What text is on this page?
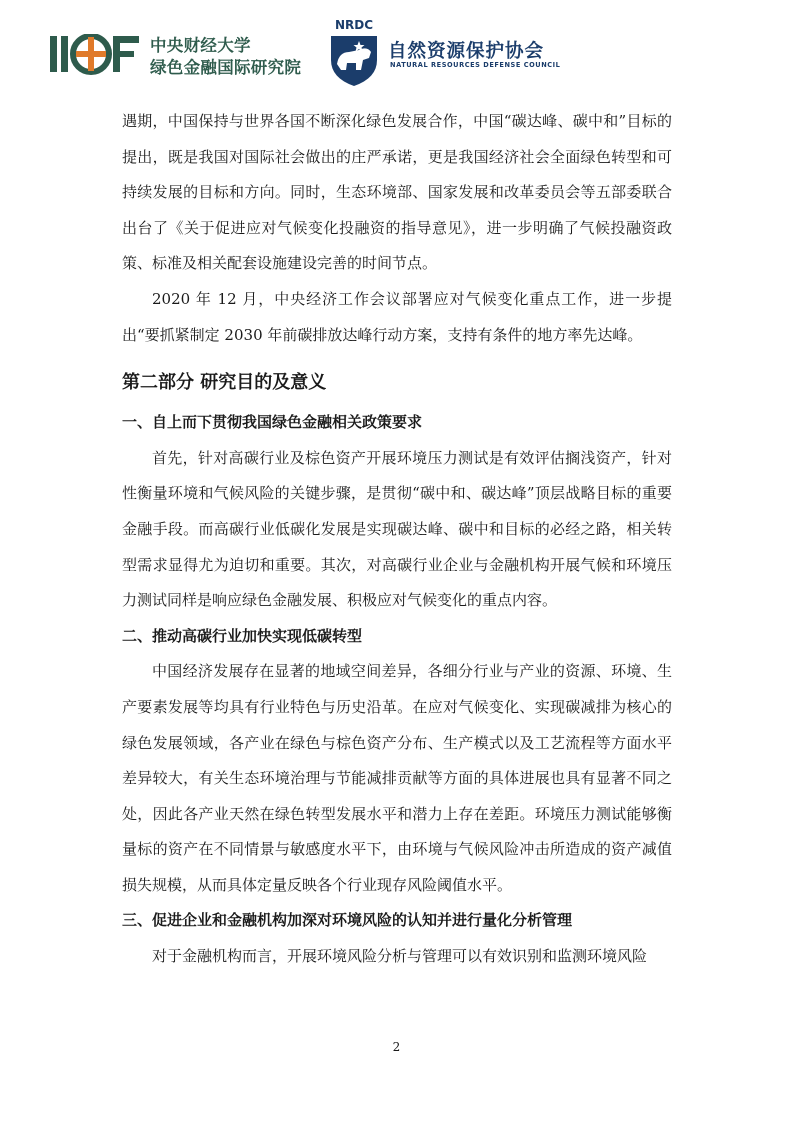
中央财经大学
绿色金融国际研究院
NRDC
自然资源保护协会
NATURAL RESOURCES DEFENSE COUNCIL

遇期，中国保持与世界各国不断深化绿色发展合作，中国“碳达峰、碳中和”目标的提出，既是我国对国际社会做出的庄严承诺，更是我国经济社会全面绿色转型和可持续发展的目标和方向。同时，生态环境部、国家发展和改革委员会等五部委联合出台了《关于促进应对气候变化投融资的指导意见》，进一步明确了气候投融资政策、标准及相关配套设施建设完善的时间节点。

2020 年 12 月，中央经济工作会议部署应对气候变化重点工作，进一步提出“要抓紧制定 2030 年前碳排放达峰行动方案，支持有条件的地方率先达峰。

第二部分 研究目的及意义
一、自上而下贯彻我国绿色金融相关政策要求

首先，针对高碳行业及棕色资产开展环境压力测试是有效评估搁浅资产，针对性衡量环境和气候风险的关键步骤，是贯彻“碳中和、碳达峰”顶层战略目标的重要金融手段。而高碳行业低碳化发展是实现碳达峰、碳中和目标的必经之路，相关转型需求显得尤为迫切和重要。其次，对高碳行业企业与金融机构开展气候和环境压力测试同样是响应绿色金融发展、积极应对气候变化的重点内容。

二、推动高碳行业加快实现低碳转型

中国经济发展存在显著的地域空间差异，各细分行业与产业的资源、环境、生产要素发展等均具有行业特色与历史沿革。在应对气候变化、实现碳减排为核心的绿色发展领域，各产业在绿色与棕色资产分布、生产模式以及工艺流程等方面水平差异较大，有关生态环境治理与节能减排贡献等方面的具体进展也具有显著不同之处，因此各产业天然在绿色转型发展水平和潜力上存在差距。环境压力测试能够衡量标的资产在不同情景与敏感度水平下，由环境与气候风险冲击所造成的资产减值损失规模，从而具体定量反映各个行业现存风险阈值水平。

三、促进企业和金融机构加深对环境风险的认知并进行量化分析管理

对于金融机构而言，开展环境风险分析与管理可以有效识别和监测环境风险

2
